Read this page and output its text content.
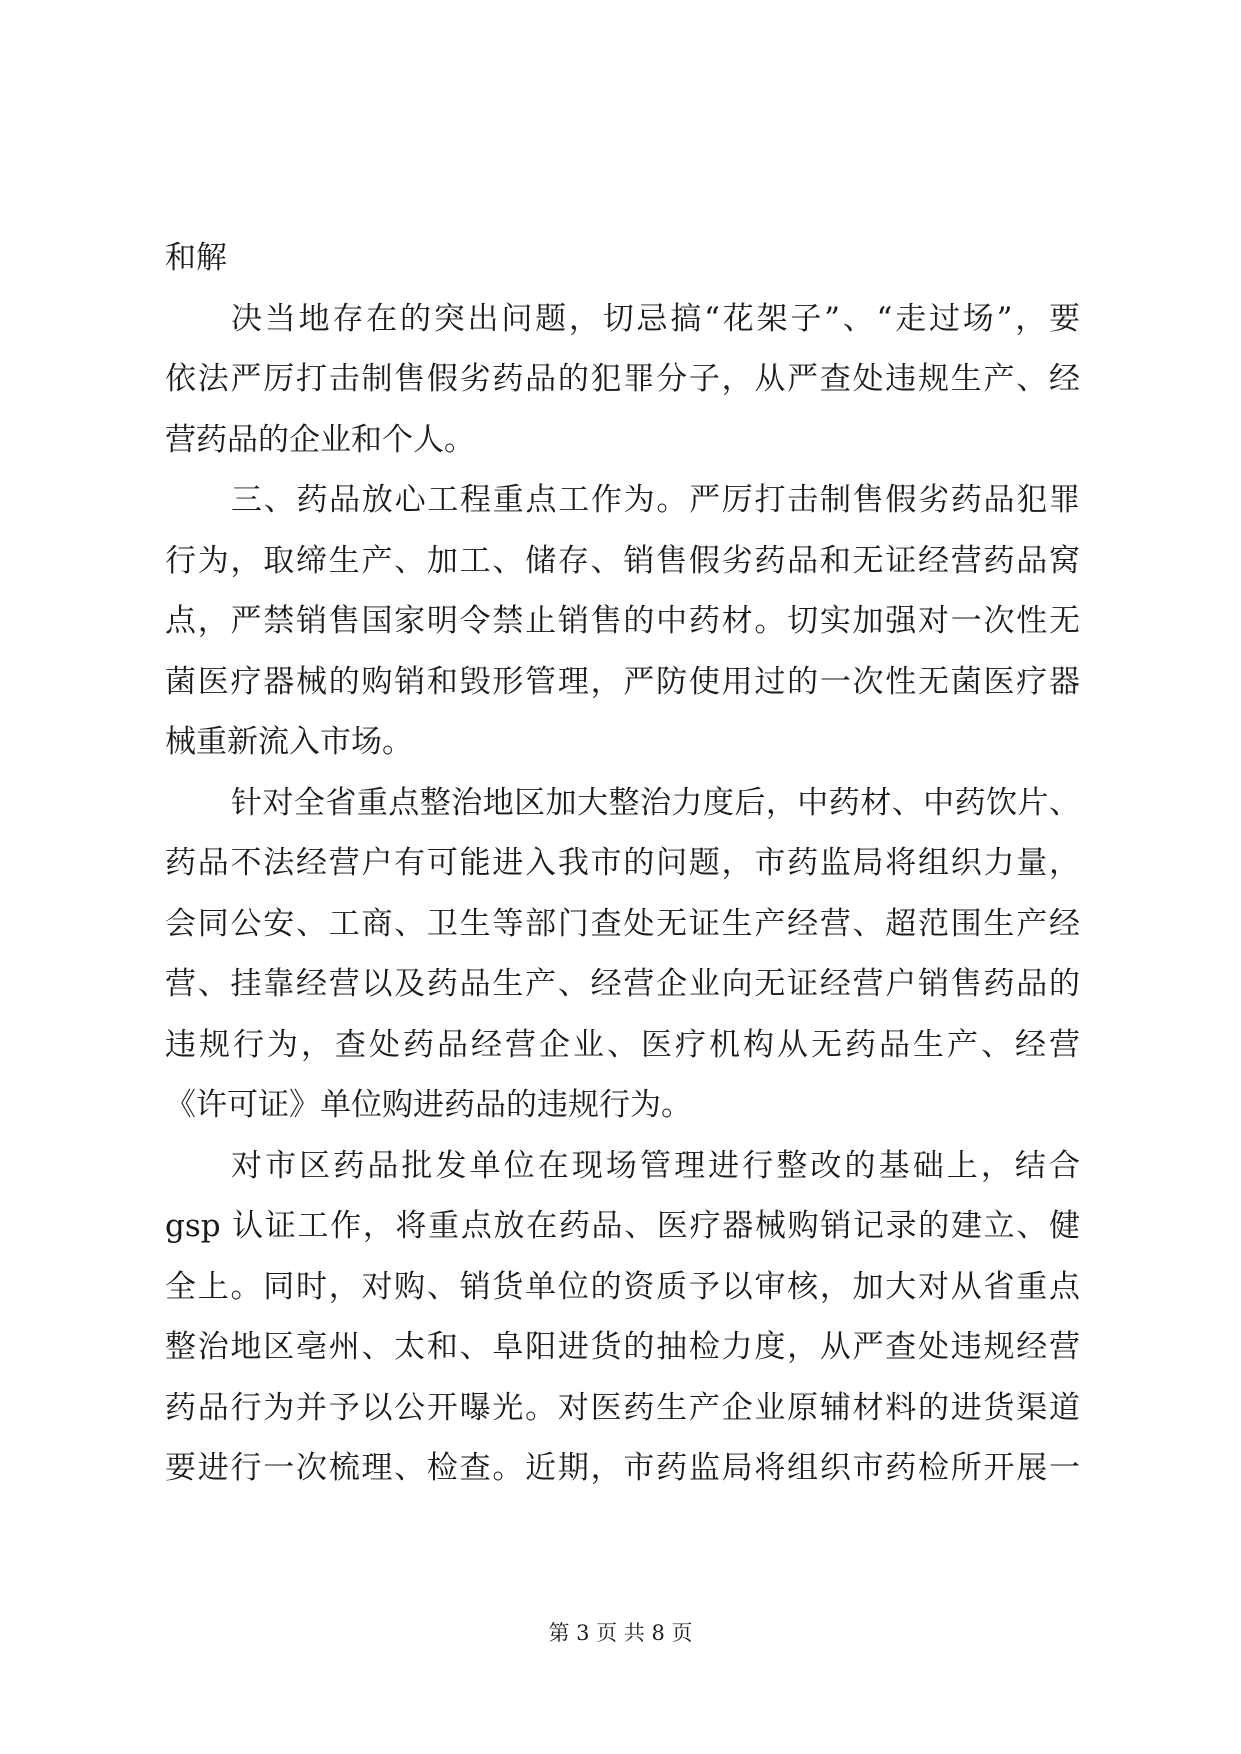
和解
决当地存在的突出问题，切忌搞“花架子”、“走过场”，要
依法严厉打击制售假劣药品的犯罪分子，从严查处违规生产、经
营药品的企业和个人。
三、药品放心工程重点工作为。严厉打击制售假劣药品犯罪
行为，取缔生产、加工、储存、销售假劣药品和无证经营药品窝
点，严禁销售国家明令禁止销售的中药材。切实加强对一次性无
菌医疗器械的购销和毁形管理，严防使用过的一次性无菌医疗器
械重新流入市场。
针对全省重点整治地区加大整治力度后，中药材、中药饮片、
药品不法经营户有可能进入我市的问题，市药监局将组织力量，
会同公安、工商、卫生等部门查处无证生产经营、超范围生产经
营、挂靠经营以及药品生产、经营企业向无证经营户销售药品的
违规行为，查处药品经营企业、医疗机构从无药品生产、经营
《许可证》单位购进药品的违规行为。
对市区药品批发单位在现场管理进行整改的基础上，结合
gsp 认证工作，将重点放在药品、医疗器械购销记录的建立、健
全上。同时，对购、销货单位的资质予以审核，加大对从省重点
整治地区亳州、太和、阜阳进货的抽检力度，从严查处违规经营
药品行为并予以公开曝光。对医药生产企业原辅材料的进货渠道
要进行一次梳理、检查。近期，市药监局将组织市药检所开展一
第 3 页 共 8 页
